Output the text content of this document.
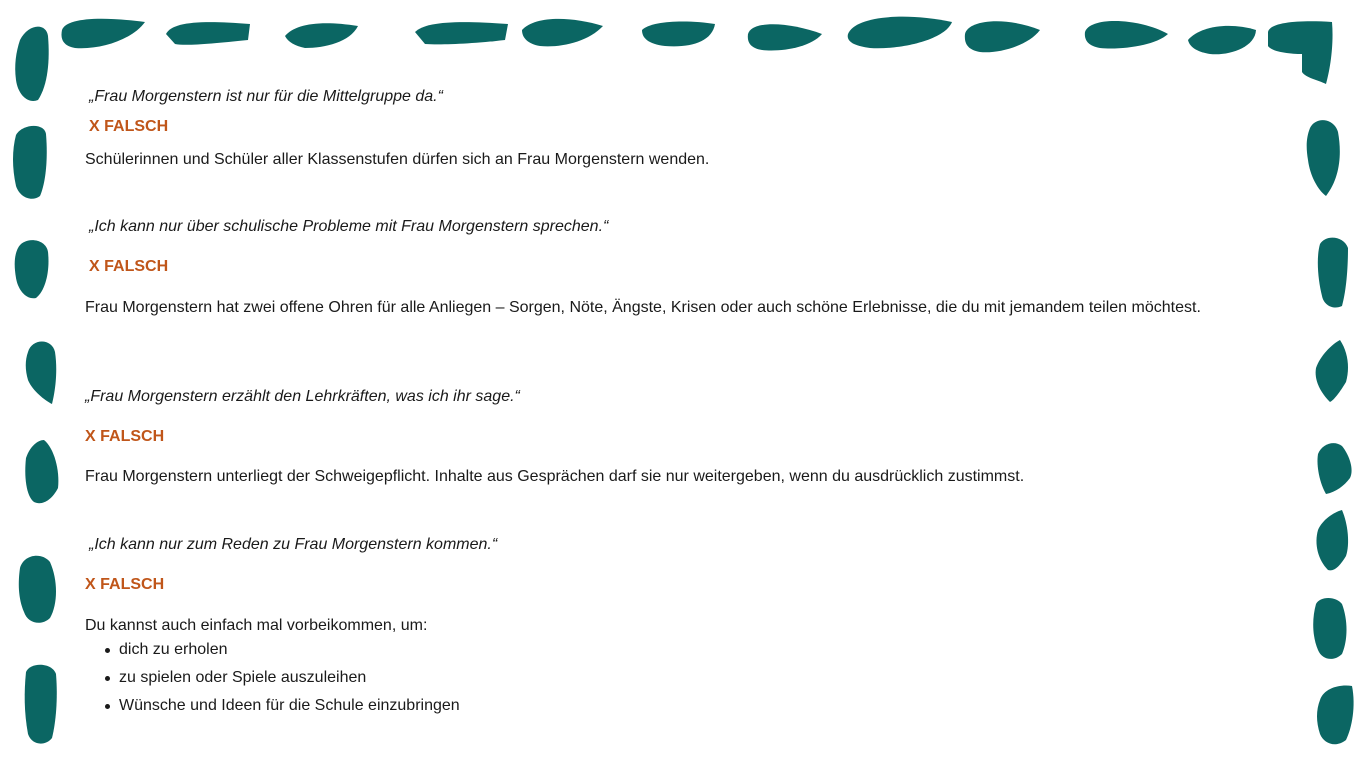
„Frau Morgenstern ist nur für die Mittelgruppe da.“
X FALSCH
Schülerinnen und Schüler aller Klassenstufen dürfen sich an Frau Morgenstern wenden.
„Ich kann nur über schulische Probleme mit Frau Morgenstern sprechen.“
X FALSCH
Frau Morgenstern hat zwei offene Ohren für alle Anliegen – Sorgen, Nöte, Ängste, Krisen oder auch schöne Erlebnisse, die du mit jemandem teilen möchtest.
„Frau Morgenstern erzählt den Lehrkräften, was ich ihr sage.“
X FALSCH
Frau Morgenstern unterliegt der Schweigepflicht. Inhalte aus Gesprächen darf sie nur weitergeben, wenn du ausdrücklich zustimmst.
„Ich kann nur zum Reden zu Frau Morgenstern kommen.“
X FALSCH
Du kannst auch einfach mal vorbeikommen, um:
dich zu erholen
zu spielen oder Spiele auszuleihen
Wünsche und Ideen für die Schule einzubringen
